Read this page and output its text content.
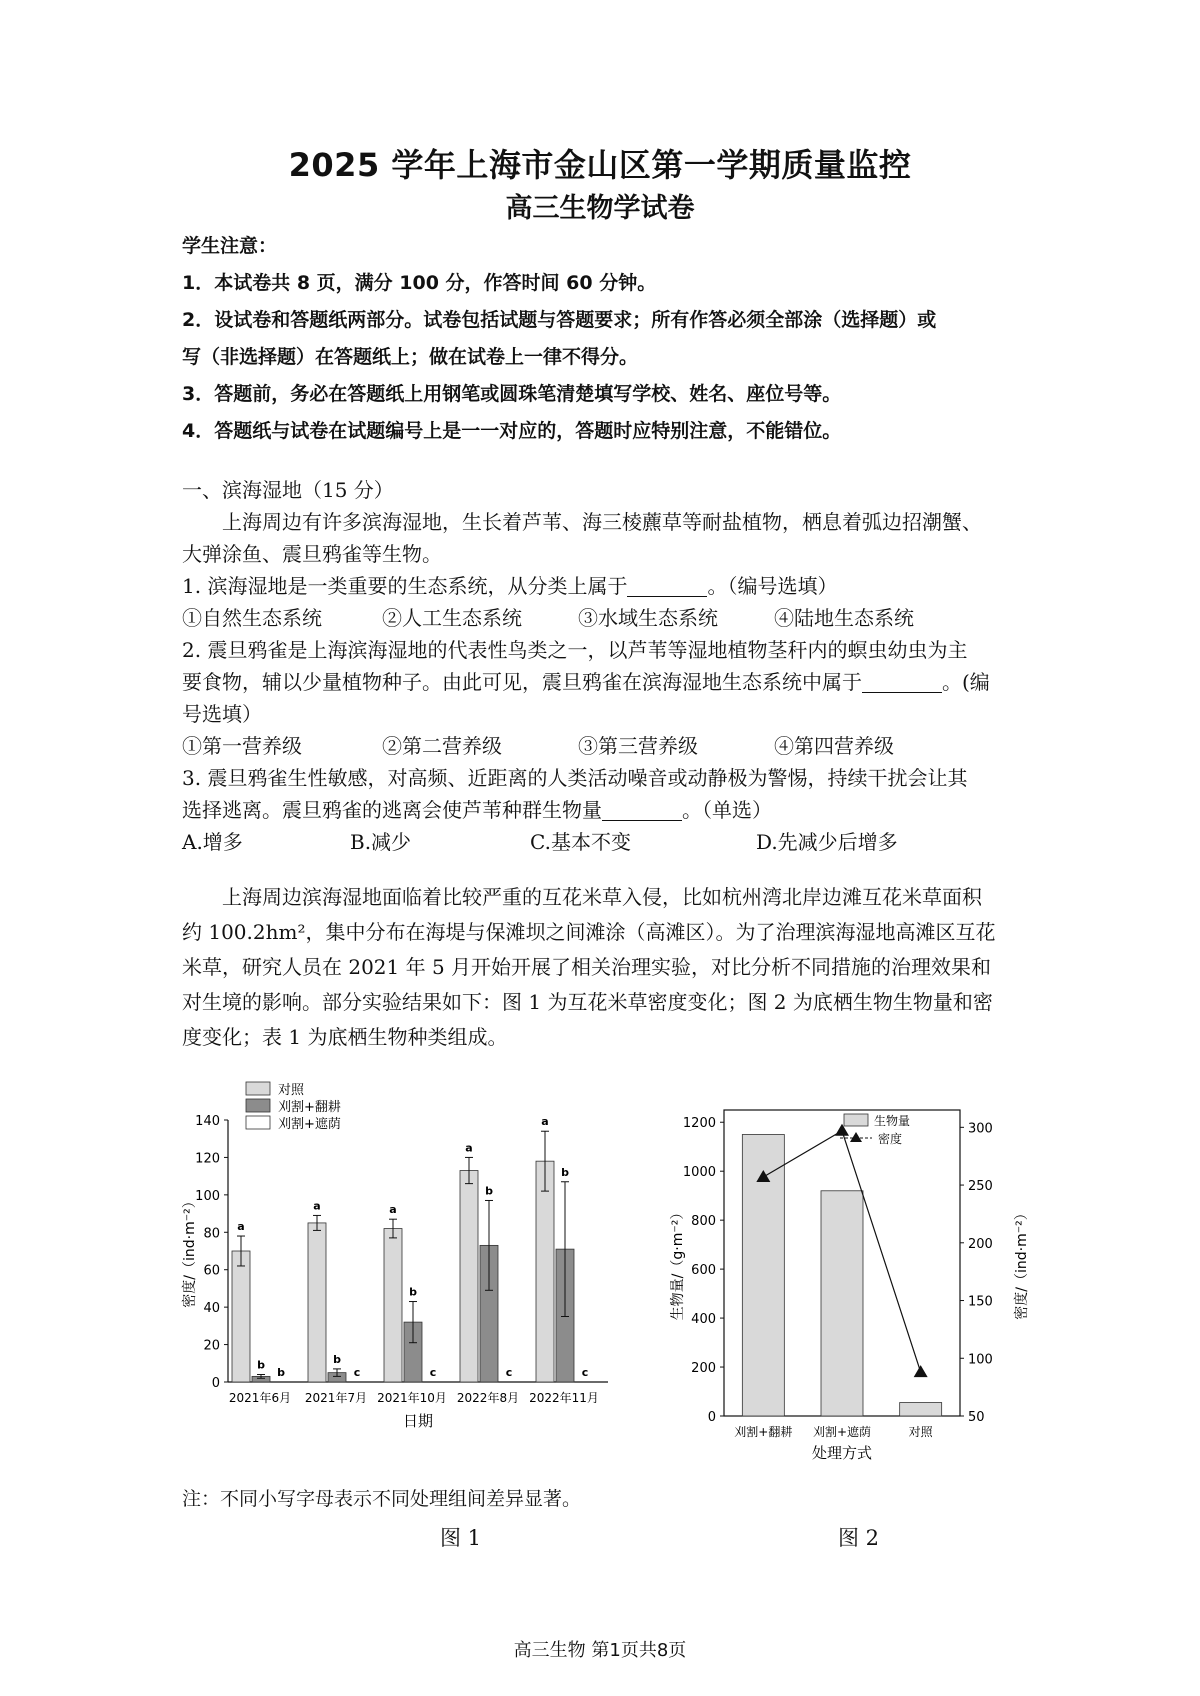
2025 学年上海市金山区第一学期质量监控
高三生物学试卷

学生注意：

1．本试卷共 8 页，满分 100 分，作答时间 60 分钟。

2．设试卷和答题纸两部分。试卷包括试题与答题要求；所有作答必须全部涂（选择题）或

写（非选择题）在答题纸上；做在试卷上一律不得分。

3．答题前，务必在答题纸上用钢笔或圆珠笔清楚填写学校、姓名、座位号等。

4．答题纸与试卷在试题编号上是一一对应的，答题时应特别注意，不能错位。

一、滨海湿地（15 分）

上海周边有许多滨海湿地，生长着芦苇、海三棱藨草等耐盐植物，栖息着弧边招潮蟹、

大弹涂鱼、震旦鸦雀等生物。

1. 滨海湿地是一类重要的生态系统，从分类上属于	。（编号选填）

①自然生态系统	②人工生态系统	③水域生态系统	④陆地生态系统

2. 震旦鸦雀是上海滨海湿地的代表性鸟类之一，以芦苇等湿地植物茎秆内的螟虫幼虫为主

要食物，辅以少量植物种子。由此可见，震旦鸦雀在滨海湿地生态系统中属于	。(编

号选填）

①第一营养级	②第二营养级	③第三营养级	④第四营养级

3. 震旦鸦雀生性敏感，对高频、近距离的人类活动噪音或动静极为警惕，持续干扰会让其

选择逃离。震旦鸦雀的逃离会使芦苇种群生物量	。（单选）

A.增多	B.减少	C.基本不变	D.先减少后增多

上海周边滨海湿地面临着比较严重的互花米草入侵，比如杭州湾北岸边滩互花米草面积

约 100.2hm²，集中分布在海堤与保滩坝之间滩涂（高滩区）。为了治理滨海湿地高滩区互花

米草，研究人员在 2021 年 5 月开始开展了相关治理实验，对比分析不同措施的治理效果和

对生境的影响。部分实验结果如下：图 1 为互花米草密度变化；图 2 为底栖生物生物量和密

度变化；表 1 为底栖生物种类组成。

0
20
40
60
80
100
120
140
2021年6月
a
b
b
2021年7月
a
b
c
2021年10月
a
b
c
2022年8月
a
b
c
2022年11月
a
b
c
日期
密度/（ind·m⁻²）
对照
刈割+翻耕
刈割+遮荫
0
200
400
600
800
1000
1200
50
100
150
200
250
300
刈割+翻耕 刈割+遮荫	对照
处理方式
生物量/（g·m⁻²）	密度/（ind·m⁻²）
生物量
密度
注：不同小写字母表示不同处理组间差异显著。
图 1	图 2
高三生物 第1页共8页
